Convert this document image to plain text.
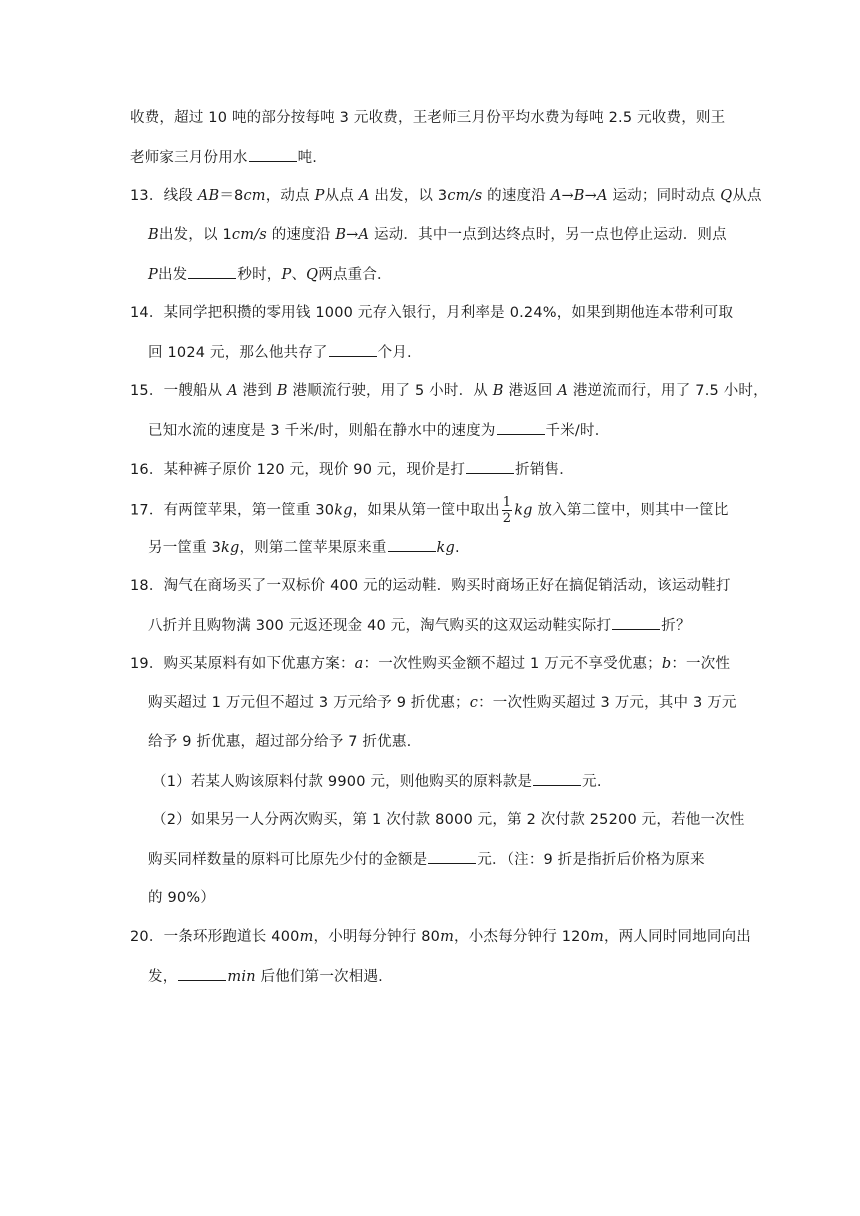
收费，超过 10 吨的部分按每吨 3 元收费，王老师三月份平均水费为每吨 2.5 元收费，则王
老师家三月份用水	吨.
13．线段 AB＝8cm，动点 P从点 A 出发，以 3cm/s 的速度沿 A→B→A 运动；同时动点 Q从点
B出发，以 1cm/s 的速度沿 B→A 运动．其中一点到达终点时，另一点也停止运动．则点
P出发	秒时，P、Q两点重合．
14．某同学把积攒的零用钱 1000 元存入银行，月利率是 0.24%，如果到期他连本带利可取
回 1024 元，那么他共存了	个月.
15．一艘船从 A 港到 B 港顺流行驶，用了 5 小时．从 B 港返回 A 港逆流而行，用了 7.5 小时，
已知水流的速度是 3 千米/时，则船在静水中的速度为	千米/时．
16．某种裤子原价 120 元，现价 90 元，现价是打	折销售．
17．有两筐苹果，第一筐重 30kg，如果从第一筐中取出 $\frac{1}{2}$ kg 放入第二筐中，则其中一筐比
另一筐重 3kg，则第二筐苹果原来重	kg.
18．淘气在商场买了一双标价 400 元的运动鞋．购买时商场正好在搞促销活动，该运动鞋打
八折并且购物满 300 元返还现金 40 元，淘气购买的这双运动鞋实际打	折？
19．购买某原料有如下优惠方案：a：一次性购买金额不超过 1 万元不享受优惠；b：一次性
购买超过 1 万元但不超过 3 万元给予 9 折优惠；c：一次性购买超过 3 万元，其中 3 万元
给予 9 折优惠，超过部分给予 7 折优惠.
（1）若某人购该原料付款 9900 元，则他购买的原料款是	元.
（2）如果另一人分两次购买，第 1 次付款 8000 元，第 2 次付款 25200 元，若他一次性
购买同样数量的原料可比原先少付的金额是	元．（注：9 折是指折后价格为原来
的 90%）
20．一条环形跑道长 400m，小明每分钟行 80m，小杰每分钟行 120m，两人同时同地同向出
发，	min 后他们第一次相遇.
